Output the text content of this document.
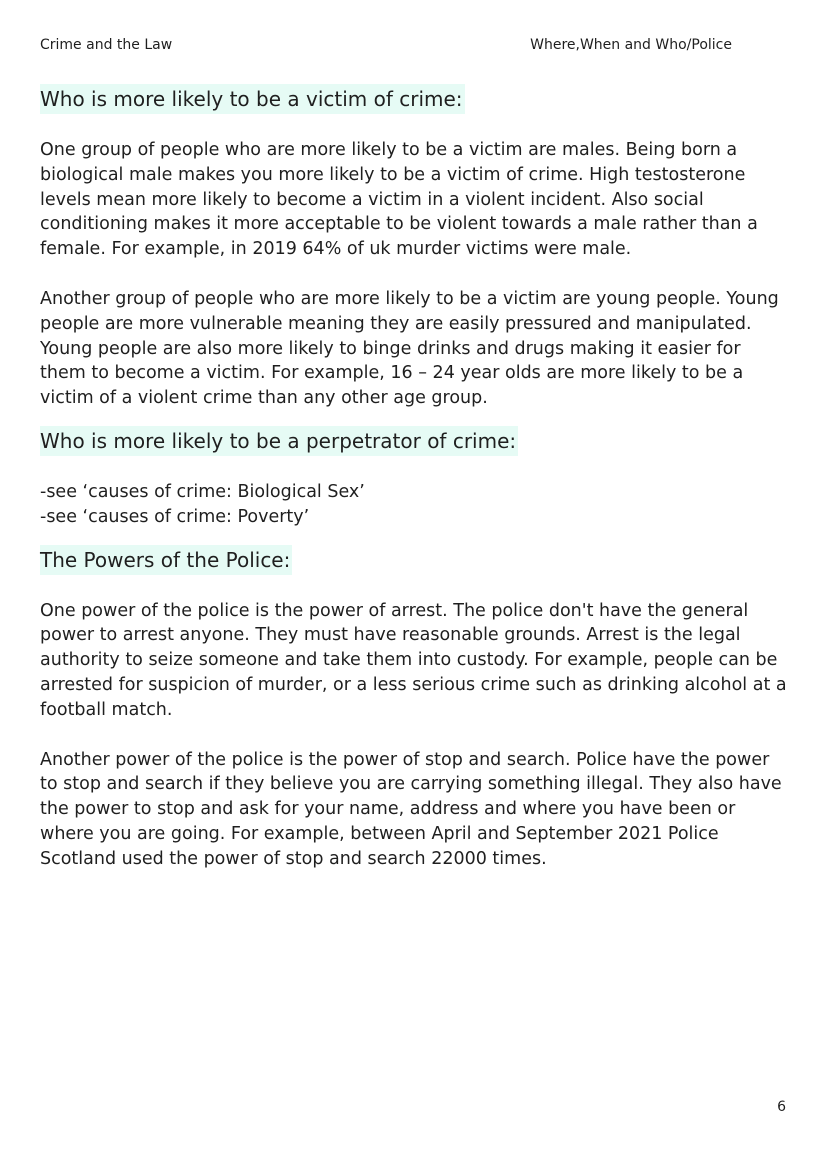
Crime and the Law	Where,When and Who/Police
Who is more likely to be a victim of crime:

One group of people who are more likely to be a victim are males. Being born a biological male makes you more likely to be a victim of crime. High testosterone levels mean more likely to become a victim in a violent incident. Also social conditioning makes it more acceptable to be violent towards a male rather than a female. For example, in 2019 64% of uk murder victims were male.

Another group of people who are more likely to be a victim are young people. Young people are more vulnerable meaning they are easily pressured and manipulated. Young people are also more likely to binge drinks and drugs making it easier for them to become a victim. For example, 16 – 24 year olds are more likely to be a victim of a violent crime than any other age group.

Who is more likely to be a perpetrator of crime:

-see ‘causes of crime: Biological Sex’

-see ‘causes of crime: Poverty’

The Powers of the Police:

One power of the police is the power of arrest. The police don't have the general power to arrest anyone. They must have reasonable grounds. Arrest is the legal authority to seize someone and take them into custody. For example, people can be arrested for suspicion of murder, or a less serious crime such as drinking alcohol at a football match.

Another power of the police is the power of stop and search. Police have the power to stop and search if they believe you are carrying something illegal. They also have the power to stop and ask for your name, address and where you have been or where you are going. For example, between April and September 2021 Police Scotland used the power of stop and search 22000 times.

6
